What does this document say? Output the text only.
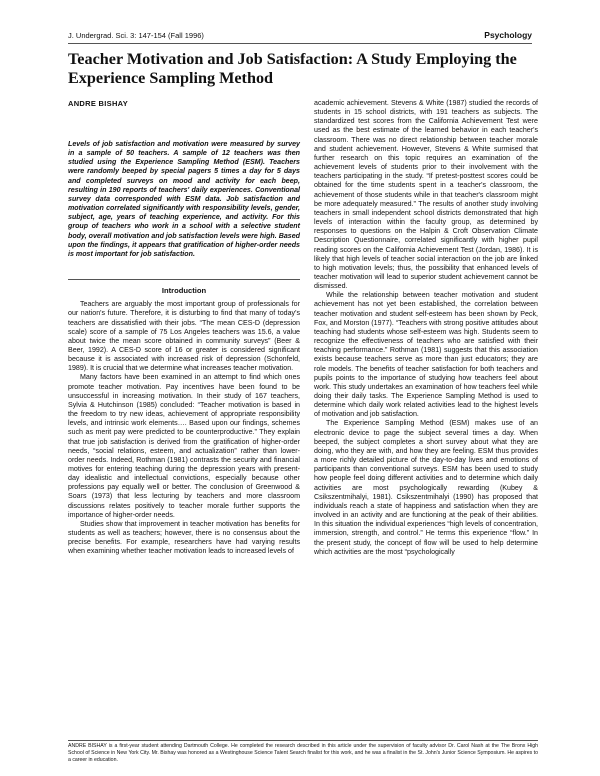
J. Undergrad. Sci. 3: 147-154 (Fall 1996)	Psychology
Teacher Motivation and Job Satisfaction: A Study Employing the Experience Sampling Method
ANDRE BISHAY

Levels of job satisfaction and motivation were measured by survey in a sample of 50 teachers. A sample of 12 teachers was then studied using the Experience Sampling Method (ESM). Teachers were randomly beeped by special pagers 5 times a day for 5 days and completed surveys on mood and activity for each beep, resulting in 190 reports of teachers' daily experiences. Conventional survey data corresponded with ESM data. Job satisfaction and motivation correlated significantly with responsibility levels, gender, subject, age, years of teaching experience, and activity. For this group of teachers who work in a school with a selective student body, overall motivation and job satisfaction levels were high. Based upon the findings, it appears that gratification of higher-order needs is most important for job satisfaction.

Introduction

Teachers are arguably the most important group of professionals for our nation's future. Therefore, it is disturbing to find that many of today's teachers are dissatisfied with their jobs. “The mean CES-D (depression scale) score of a sample of 75 Los Angeles teachers was 15.6, a value about twice the mean score obtained in community surveys” (Beer & Beer, 1992). A CES-D score of 16 or greater is considered significant because it is associated with increased risk of depression (Schonfeld, 1989). It is crucial that we determine what increases teacher motivation.

Many factors have been examined in an attempt to find which ones promote teacher motivation. Pay incentives have been found to be unsuccessful in increasing motivation. In their study of 167 teachers, Sylvia & Hutchinson (1985) concluded: “Teacher motivation is based in the freedom to try new ideas, achievement of appropriate responsibility levels, and intrinsic work elements…. Based upon our findings, schemes such as merit pay were predicted to be counterproductive.” They explain that true job satisfaction is derived from the gratification of higher-order needs, “social relations, esteem, and actualization” rather than lower-order needs. Indeed, Rothman (1981) contrasts the security and financial motives for entering teaching during the depression years with present-day idealistic and intellectual convictions, especially because other professions pay equally well or better. The conclusion of Greenwood & Soars (1973) that less lecturing by teachers and more classroom discussions relates positively to teacher morale further supports the importance of higher-order needs.

Studies show that improvement in teacher motivation has benefits for students as well as teachers; however, there is no consensus about the precise benefits. For example, researchers have had varying results when examining whether teacher motivation leads to increased levels of

academic achievement. Stevens & White (1987) studied the records of students in 15 school districts, with 191 teachers as subjects. The standardized test scores from the California Achievement Test were used as the best estimate of the learned behavior in each teacher's classroom. There was no direct relationship between teacher morale and student achievement. However, Stevens & White surmised that further research on this topic requires an examination of the achievement levels of students prior to their involvement with the teachers participating in the study. “If pretest-posttest scores could be obtained for the time students spent in a teacher's classroom, the achievement of those students while in that teacher's classroom might be more adequately measured.” The results of another study involving teachers in small independent school districts demonstrated that high levels of interaction within the faculty group, as determined by responses to questions on the Halpin & Croft Observation Climate Description Questionnaire, correlated significantly with higher pupil reading scores on the California Achievement Test (Jordan, 1986). It is likely that high levels of teacher social interaction on the job are linked to high motivation levels; thus, the possibility that enhanced levels of teacher motivation will lead to superior student achievement cannot be dismissed.

While the relationship between teacher motivation and student achievement has not yet been established, the correlation between teacher motivation and student self-esteem has been shown by Peck, Fox, and Morston (1977). “Teachers with strong positive attitudes about teaching had students whose self-esteem was high. Students seem to recognize the effectiveness of teachers who are satisfied with their teaching performance.” Rothman (1981) suggests that this association exists because teachers serve as more than just educators; they are role models. The benefits of teacher satisfaction for both teachers and pupils points to the importance of studying how teachers feel about work. This study undertakes an examination of how teachers feel while doing their daily tasks. The Experience Sampling Method is used to determine which daily work related activities lead to the highest levels of motivation and job satisfaction.

The Experience Sampling Method (ESM) makes use of an electronic device to page the subject several times a day. When beeped, the subject completes a short survey about what they are doing, who they are with, and how they are feeling. ESM thus provides a more richly detailed picture of the day-to-day lives and emotions of participants than conventional surveys. ESM has been used to study how people feel doing different activities and to determine which daily activities are most psychologically rewarding (Kubey & Csikszentmihalyi, 1981). Csikszentmihalyi (1990) has proposed that individuals reach a state of happiness and satisfaction when they are involved in an activity and are functioning at the peak of their abilities. In this situation the individual experiences “high levels of concentration, immersion, strength, and control.” He terms this experience “flow.” In the present study, the concept of flow will be used to help determine which activities are the most “psychologically

ANDRE BISHAY is a first-year student attending Dartmouth College. He completed the research described in this article under the supervision of faculty advisor Dr. Carol Nash at the The Bronx High School of Science in New York City. Mr. Bishay was honored as a Westinghouse Science Talent Search finalist for this work, and he was a finalist in the St. John's Junior Science Symposium. He aspires to a career in education.
